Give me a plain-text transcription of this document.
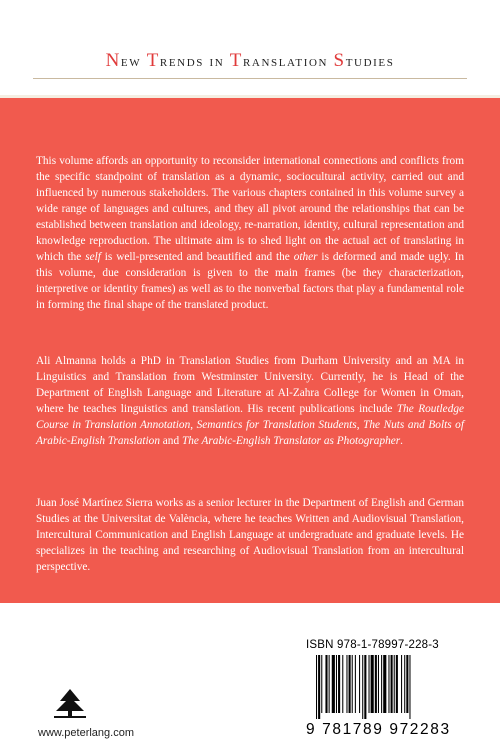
New Trends in Translation Studies

This volume affords an opportunity to reconsider international connections and conflicts from the specific standpoint of translation as a dynamic, sociocultural activity, carried out and influenced by numerous stakeholders. The various chapters contained in this volume survey a wide range of languages and cultures, and they all pivot around the relationships that can be established between translation and ideology, re-narration, identity, cultural representation and knowledge reproduction. The ultimate aim is to shed light on the actual act of translating in which the self is well-presented and beautified and the other is deformed and made ugly. In this volume, due consideration is given to the main frames (be they characterization, interpretive or identity frames) as well as to the nonverbal factors that play a fundamental role in forming the final shape of the translated product.

Ali Almanna holds a PhD in Translation Studies from Durham University and an MA in Linguistics and Translation from Westminster University. Currently, he is Head of the Department of English Language and Literature at Al-Zahra College for Women in Oman, where he teaches linguistics and translation. His recent publications include The Routledge Course in Translation Annotation, Semantics for Translation Students, The Nuts and Bolts of Arabic-English Translation and The Arabic-English Translator as Photographer.

Juan José Martínez Sierra works as a senior lecturer in the Department of English and German Studies at the Universitat de València, where he teaches Written and Audiovisual Translation, Intercultural Communication and English Language at undergraduate and graduate levels. He specializes in the teaching and researching of Audiovisual Translation from an intercultural perspective.

www.peterlang.com
ISBN 978-1-78997-228-3
9 781789 972283
